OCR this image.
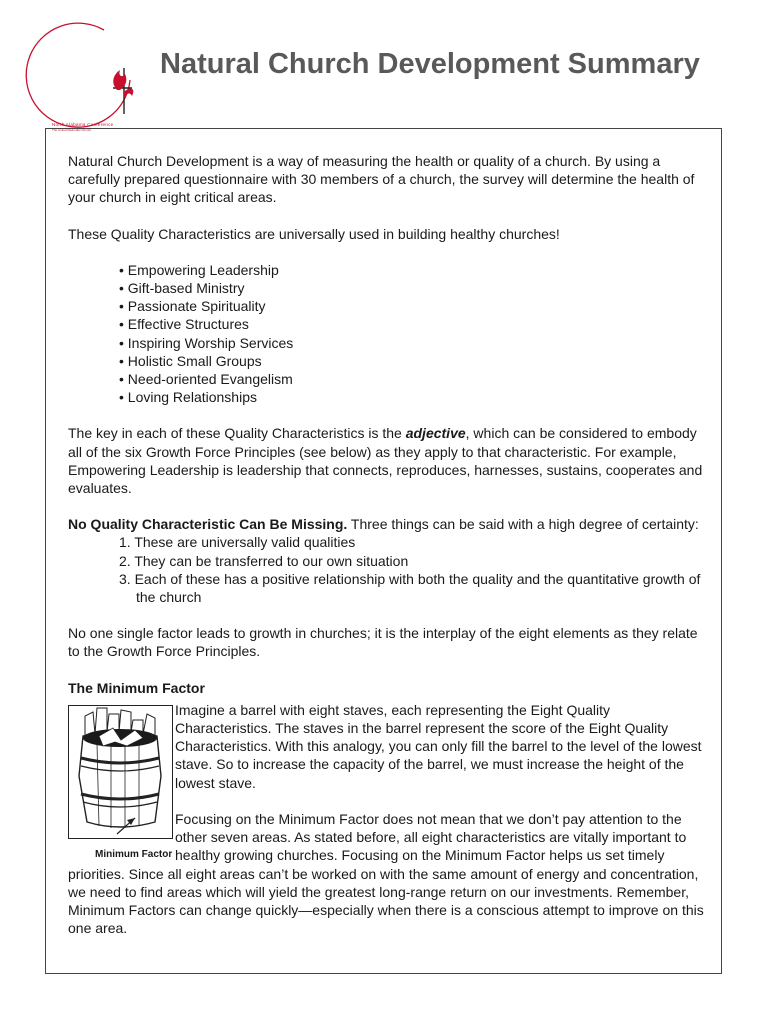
North Alabama Conference
The United Methodist Church
Natural Church Development Summary

Natural Church Development is a way of measuring the health or quality of a church. By using a carefully prepared questionnaire with 30 members of a church, the survey will determine the health of your church in eight critical areas.

These Quality Characteristics are universally used in building healthy churches!

• Empowering Leadership
• Gift-based Ministry
• Passionate Spirituality
• Effective Structures
• Inspiring Worship Services
• Holistic Small Groups
• Need-oriented Evangelism
• Loving Relationships

The key in each of these Quality Characteristics is the adjective, which can be considered to embody all of the six Growth Force Principles (see below) as they apply to that characteristic. For example, Empowering Leadership is leadership that connects, reproduces, harnesses, sustains, cooperates and evaluates.

No Quality Characteristic Can Be Missing. Three things can be said with a high degree of certainty:

1. These are universally valid qualities
2. They can be transferred to our own situation
3. Each of these has a positive relationship with both the quality and the quantitative growth of the church

No one single factor leads to growth in churches; it is the interplay of the eight elements as they relate to the Growth Force Principles.

The Minimum Factor
Minimum Factor

Imagine a barrel with eight staves, each representing the Eight Quality Characteristics. The staves in the barrel represent the score of the Eight Quality Characteristics. With this analogy, you can only fill the barrel to the level of the lowest stave. So to increase the capacity of the barrel, we must increase the height of the lowest stave.

Focusing on the Minimum Factor does not mean that we don’t pay attention to the other seven areas. As stated before, all eight characteristics are vitally important to healthy growing churches. Focusing on the Minimum Factor helps us set timely priorities. Since all eight areas can’t be worked on with the same amount of energy and concentration, we need to find areas which will yield the greatest long-range return on our investments. Remember, Minimum Factors can change quickly—especially when there is a conscious attempt to improve on this one area.
